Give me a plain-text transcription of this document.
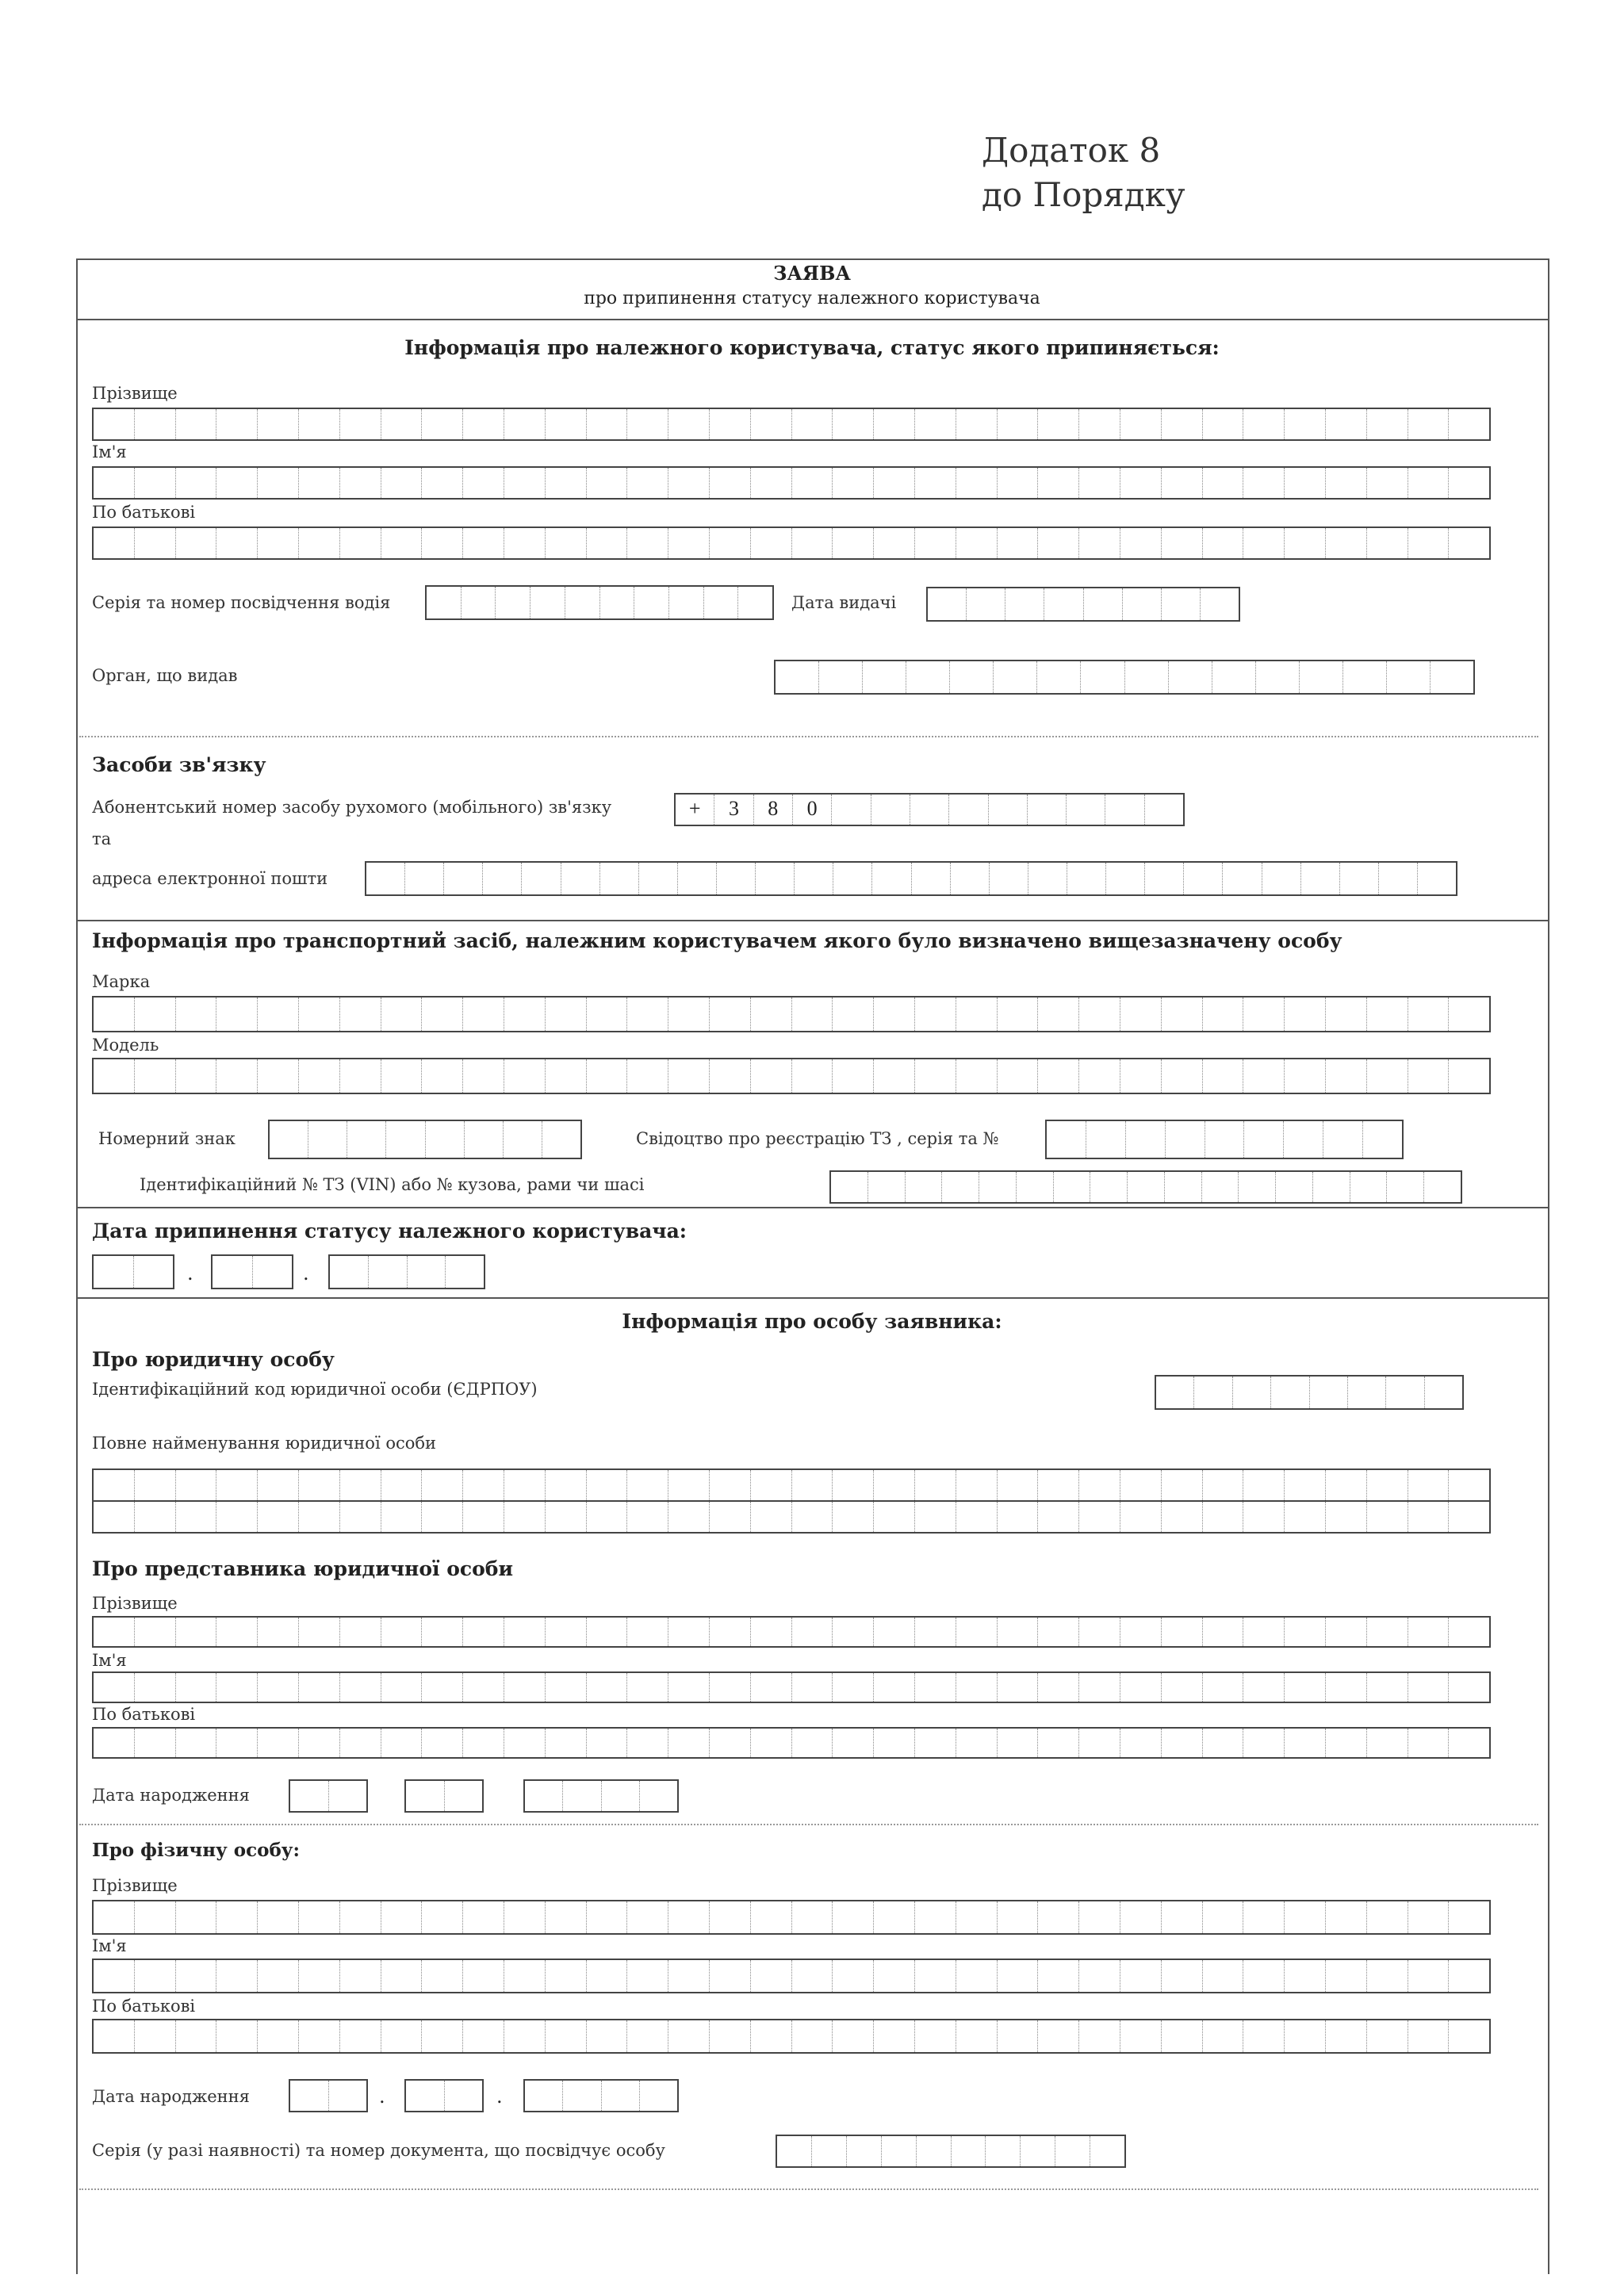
Додаток 8
до Порядку
ЗАЯВА
про припинення статусу належного користувача
Інформація про належного користувача, статус якого припиняється:
Прізвище
Ім'я
По батькові
Серія та номер посвідчення водія	Дата видачі
Орган, що видав
Засоби зв'язку
Абонентський номер засобу рухомого (мобільного) зв'язку	+	3	8	0
та
адреса електронної пошти
Інформація про транспортний засіб, належним користувачем якого було визначено вищезазначену особу
Марка
Модель
Номерний знак	Свідоцтво про реєстрацію ТЗ , серія та №
Ідентифікаційний № ТЗ (VIN) або № кузова, рами чи шасі
Дата припинення статусу належного користувача:
.	.
Інформація про особу заявника:
Про юридичну особу
Ідентифікаційний код юридичної особи (ЄДРПОУ)
Повне найменування юридичної особи
Про представника юридичної особи
Прізвище
Ім'я
По батькові
Дата народження
Про фізичну особу:
Прізвище
Ім'я
По батькові
Дата народження	.	.
Серія (у разі наявності) та номер документа, що посвідчує особу
